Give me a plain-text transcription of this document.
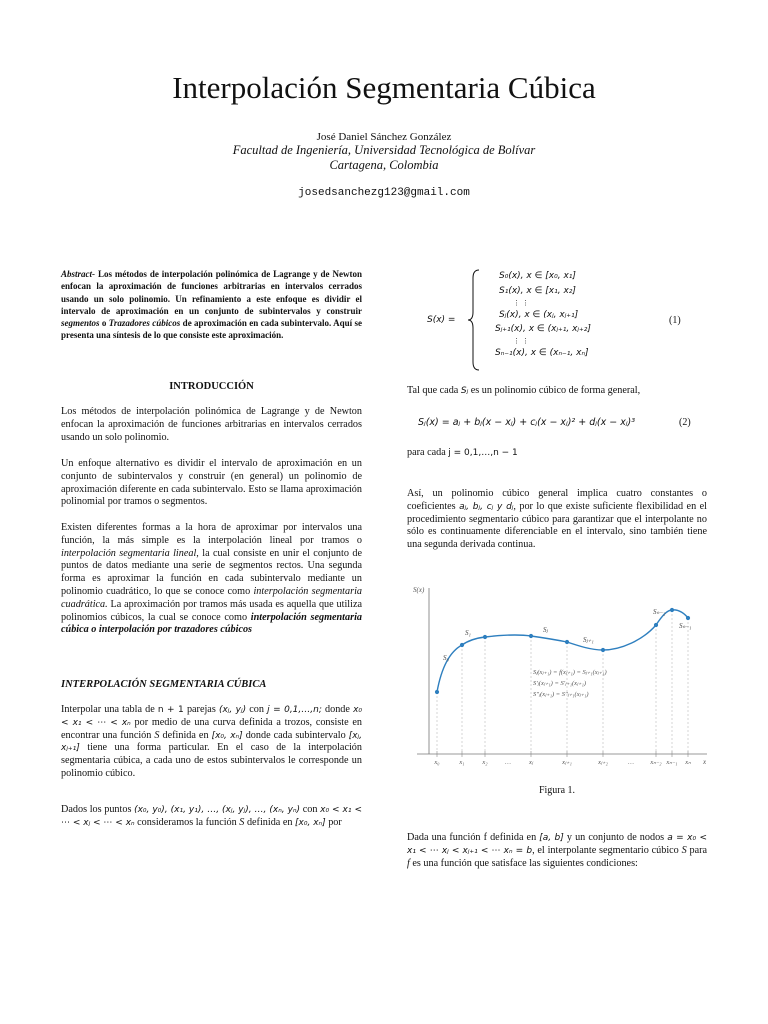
Interpolación Segmentaria Cúbica
José Daniel Sánchez González
Facultad de Ingeniería, Universidad Tecnológica de Bolívar
Cartagena, Colombia
josedsanchezg123@gmail.com
Abstract- Los métodos de interpolación polinómica de Lagrange y de Newton enfocan la aproximación de funciones arbitrarias en intervalos cerrados usando un solo polinomio. Un refinamiento a este enfoque es dividir el intervalo de aproximación en un conjunto de subintervalos y construir segmentos o Trazadores cúbicos de aproximación en cada subintervalo. Aquí se presenta una síntesis de lo que consiste este aproximación.
INTRODUCCIÓN
Los métodos de interpolación polinómica de Lagrange y de Newton enfocan la aproximación de funciones arbitrarias en intervalos cerrados usando un solo polinomio.
Un enfoque alternativo es dividir el intervalo de aproximación en un conjunto de subintervalos y construir (en general) un polinomio de aproximación diferente en cada subintervalo. Esto se llama aproximación polinomial por tramos o segmentos.
Existen diferentes formas a la hora de aproximar por intervalos una función, la más simple es la interpolación lineal por tramos o interpolación segmentaria lineal, la cual consiste en unir el conjunto de puntos de datos mediante una serie de segmentos rectos. Una segunda forma es aproximar la función en cada subintervalo mediante un polinomio cuadrático, lo que se conoce como interpolación segmentaria cuadrática. La aproximación por tramos más usada es aquella que utiliza polinomios cúbicos, la cual se conoce como interpolación segmentaria cúbica o interpolación por trazadores cúbicos
INTERPOLACIÓN SEGMENTARIA CÚBICA
Interpolar una tabla de n + 1 parejas (xⱼ, yⱼ) con j = 0,1,…,n; donde x₀ < x₁ < ⋯ < xₙ por medio de una curva definida a trozos, consiste en encontrar una función S definida en [x₀, xₙ] donde cada subintervalo [xⱼ, xⱼ₊₁] tiene una forma particular. En el caso de la interpolación segmentaria cúbica, a cada uno de estos subintervalos le corresponde un polinomio cúbico.
Dados los puntos (x₀, y₀), (x₁, y₁), …, (xⱼ, yⱼ), …, (xₙ, yₙ) con x₀ < x₁ < ⋯ < xⱼ < ⋯ < xₙ consideramos la función S definida en [x₀, xₙ] por
S(x) =
S₀(x), x ∈ [x₀, x₁]
S₁(x), x ∈ [x₁, x₂]
⋮ ⋮
Sⱼ(x), x ∈ (xⱼ, xⱼ₊₁]
Sⱼ₊₁(x), x ∈ (xⱼ₊₁, xⱼ₊₂]
⋮ ⋮
Sₙ₋₁(x), x ∈ (xₙ₋₁, xₙ]
(1)
Tal que cada Sⱼ es un polinomio cúbico de forma general,
Sⱼ(x) = aⱼ + bⱼ(x − xⱼ) + cⱼ(x − xⱼ)² + dⱼ(x − xⱼ)³	(2)
para cada j = 0,1,…,n − 1
Así, un polinomio cúbico general implica cuatro constantes o coeficientes aⱼ, bⱼ, cⱼ y dⱼ, por lo que existe suficiente flexibilidad en el procedimiento segmentario cúbico para garantizar que el interpolante no sólo es continuamente diferenciable en el intervalo, sino también tiene una segunda derivada continua.
S(x)
x
x₀	x₁	x₂	…	xⱼ	xⱼ₊₁	xⱼ₊₂	…	xₙ₋₂ xₙ₋₁ xₙ
S₀
S₁	Sⱼ
Sⱼ₊₁
Sₙ₋₂
Sₙ₋₁
Sⱼ(xⱼ₊₁) = f(xⱼ₊₁) = Sⱼ₊₁(xⱼ₊₁)
S′ⱼ(xⱼ₊₁) = S′ⱼ₊₁(xⱼ₊₁)
S″ⱼ(xⱼ₊₁) = S″ⱼ₊₁(xⱼ₊₁)
Figura 1.
Dada una función f definida en [a, b] y un conjunto de nodos a = x₀ < x₁ < ⋯ xⱼ < xⱼ₊₁ < ⋯ xₙ = b, el interpolante segmentario cúbico S para f es una función que satisface las siguientes condiciones:
